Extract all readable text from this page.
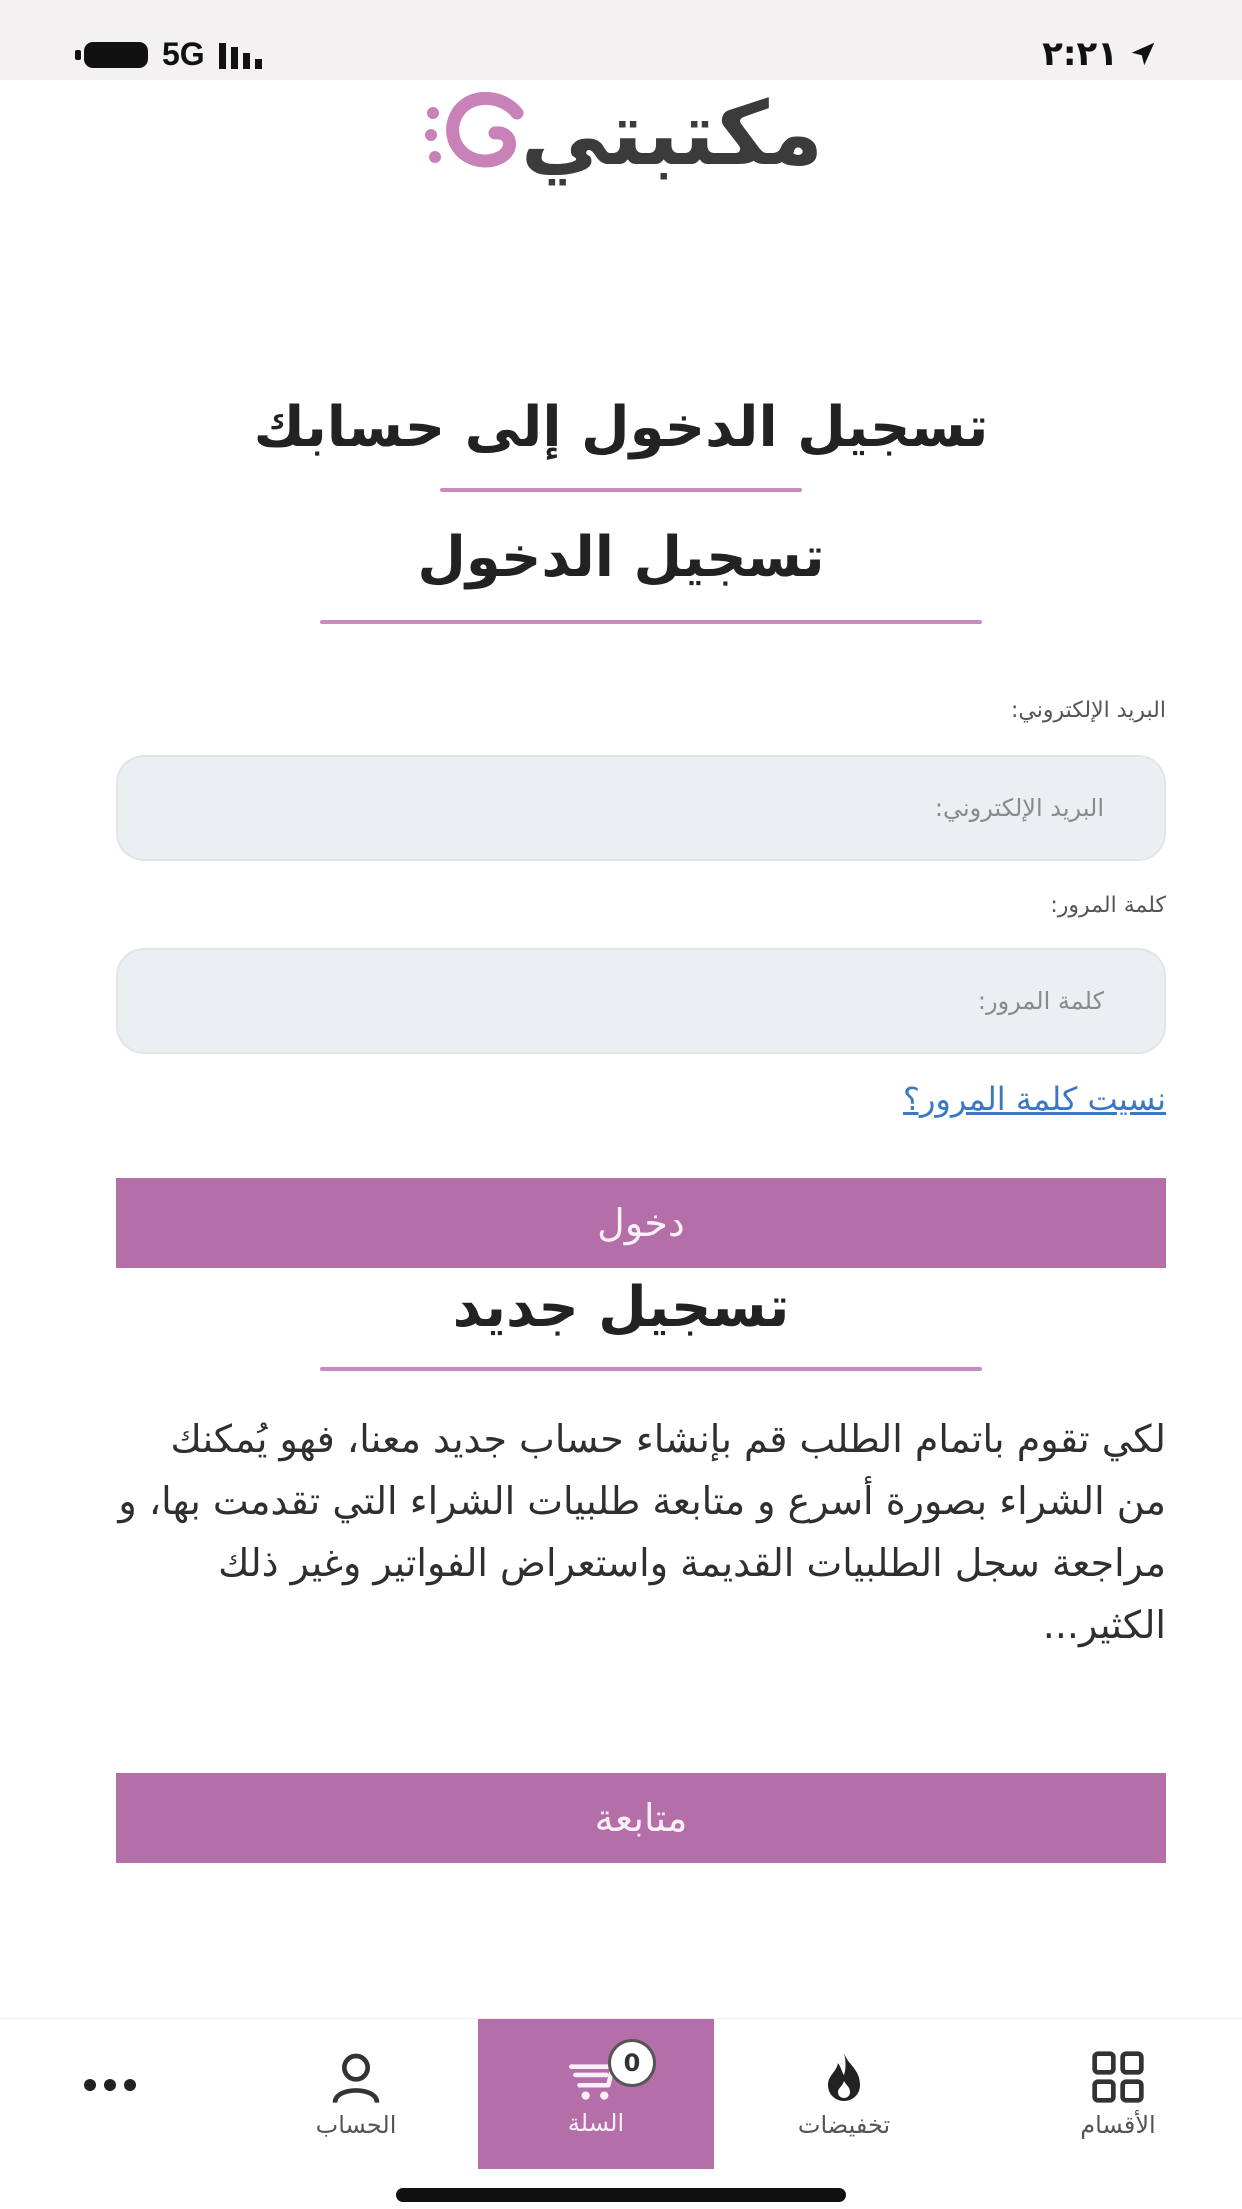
5G	٢:٢١
مكتبتي
تسجيل الدخول إلى حسابك
تسجيل الدخول
البريد الإلكتروني:
البريد الإلكتروني:
كلمة المرور:
نسيت كلمة المرور؟
دخول
تسجيل جديد
لكي تقوم باتمام الطلب قم بإنشاء حساب جديد معنا، فهو يُمكنك من الشراء بصورة أسرع و متابعة طلبيات الشراء التي تقدمت بها، و مراجعة سجل الطلبيات القديمة واستعراض الفواتير وغير ذلك الكثير...
متابعة
الأقسام
تخفيضات
0
السلة
الحساب
